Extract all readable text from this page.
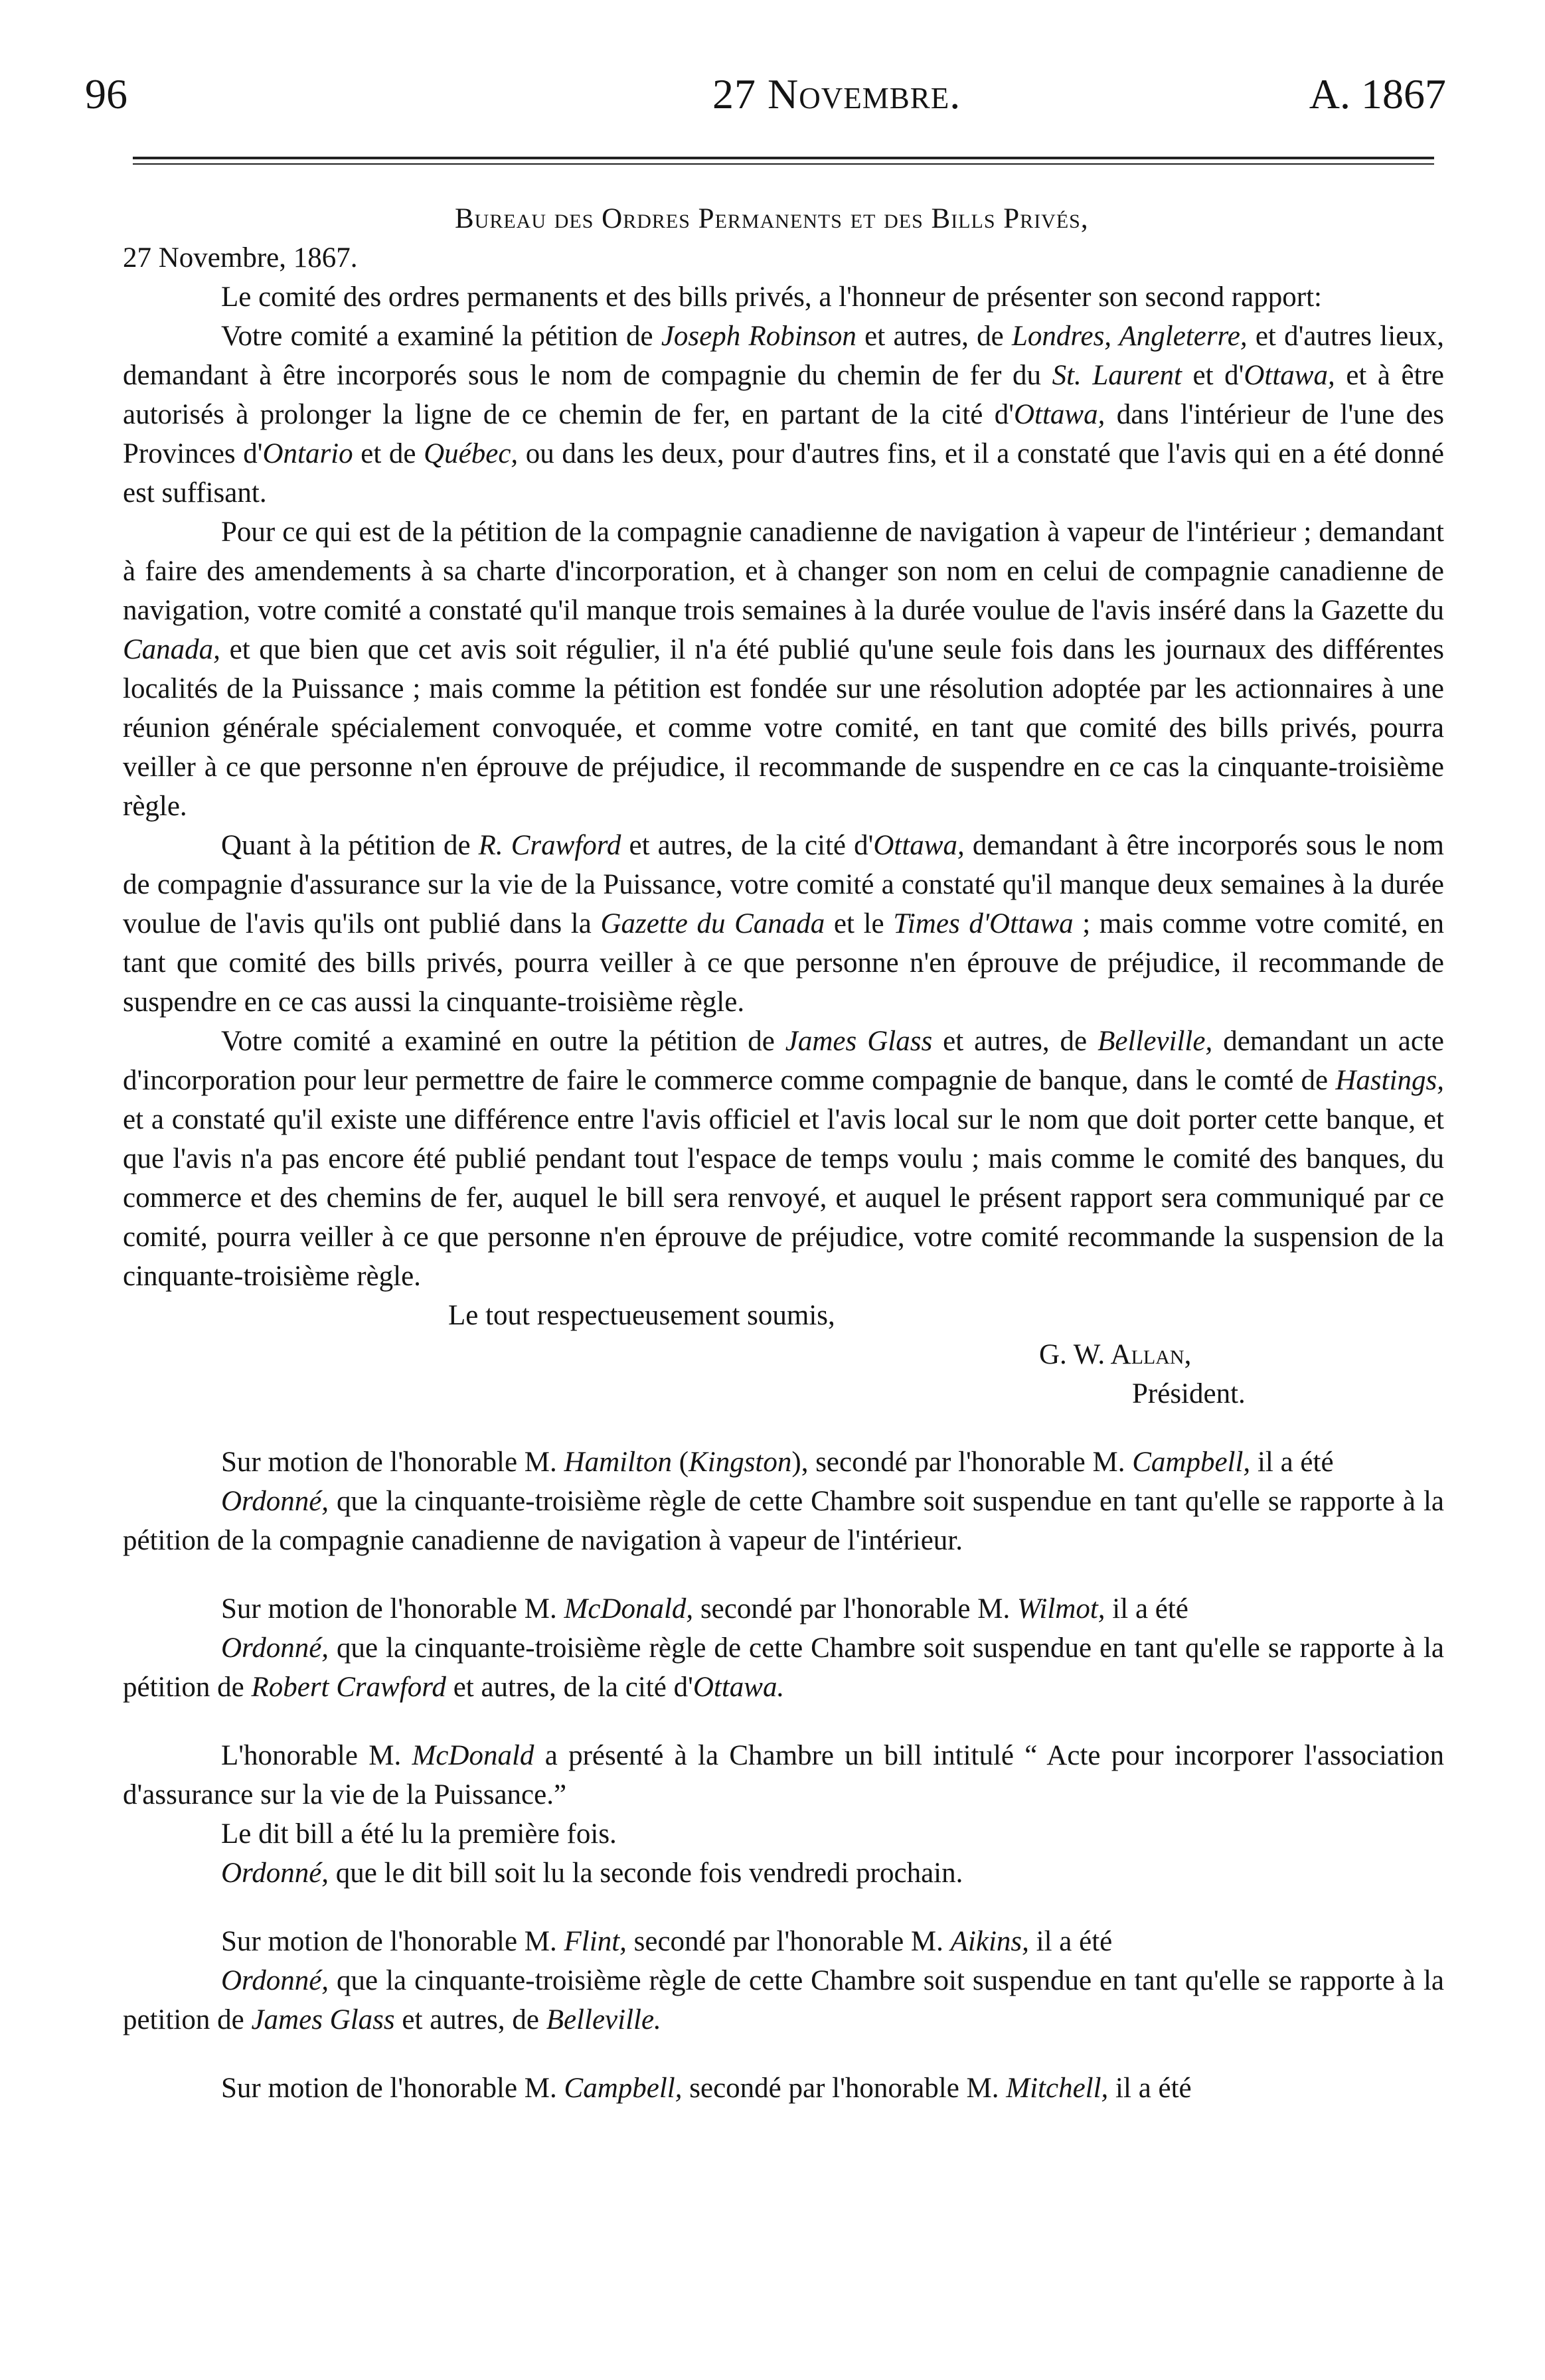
96	27 Novembre.	A. 1867

Bureau des Ordres Permanents et des Bills Privés,

27 Novembre, 1867.

Le comité des ordres permanents et des bills privés, a l'honneur de présenter son second rapport:

Votre comité a examiné la pétition de Joseph Robinson et autres, de Londres, Angleterre, et d'autres lieux, demandant à être incorporés sous le nom de compagnie du chemin de fer du St. Laurent et d'Ottawa, et à être autorisés à prolonger la ligne de ce chemin de fer, en partant de la cité d'Ottawa, dans l'intérieur de l'une des Provinces d'Ontario et de Québec, ou dans les deux, pour d'autres fins, et il a constaté que l'avis qui en a été donné est suffisant.

Pour ce qui est de la pétition de la compagnie canadienne de navigation à vapeur de l'intérieur ; demandant à faire des amendements à sa charte d'incorporation, et à changer son nom en celui de compagnie canadienne de navigation, votre comité a constaté qu'il manque trois semaines à la durée voulue de l'avis inséré dans la Gazette du Canada, et que bien que cet avis soit régulier, il n'a été publié qu'une seule fois dans les journaux des différentes localités de la Puissance ; mais comme la pétition est fondée sur une résolution adoptée par les actionnaires à une réunion générale spécialement convoquée, et comme votre comité, en tant que comité des bills privés, pourra veiller à ce que personne n'en éprouve de préjudice, il recommande de suspendre en ce cas la cinquante-troisième règle.

Quant à la pétition de R. Crawford et autres, de la cité d'Ottawa, demandant à être incorporés sous le nom de compagnie d'assurance sur la vie de la Puissance, votre comité a constaté qu'il manque deux semaines à la durée voulue de l'avis qu'ils ont publié dans la Gazette du Canada et le Times d'Ottawa ; mais comme votre comité, en tant que comité des bills privés, pourra veiller à ce que personne n'en éprouve de préjudice, il recommande de suspendre en ce cas aussi la cinquante-troisième règle.

Votre comité a examiné en outre la pétition de James Glass et autres, de Belleville, demandant un acte d'incorporation pour leur permettre de faire le commerce comme compagnie de banque, dans le comté de Hastings, et a constaté qu'il existe une différence entre l'avis officiel et l'avis local sur le nom que doit porter cette banque, et que l'avis n'a pas encore été publié pendant tout l'espace de temps voulu ; mais comme le comité des banques, du commerce et des chemins de fer, auquel le bill sera renvoyé, et auquel le présent rapport sera communiqué par ce comité, pourra veiller à ce que personne n'en éprouve de préjudice, votre comité recommande la suspension de la cinquante-troisième règle.

Le tout respectueusement soumis,

G. W. Allan,

Président.

Sur motion de l'honorable M. Hamilton (Kingston), secondé par l'honorable M. Campbell, il a été

Ordonné, que la cinquante-troisième règle de cette Chambre soit suspendue en tant qu'elle se rapporte à la pétition de la compagnie canadienne de navigation à vapeur de l'intérieur.

Sur motion de l'honorable M. McDonald, secondé par l'honorable M. Wilmot, il a été

Ordonné, que la cinquante-troisième règle de cette Chambre soit suspendue en tant qu'elle se rapporte à la pétition de Robert Crawford et autres, de la cité d'Ottawa.

L'honorable M. McDonald a présenté à la Chambre un bill intitulé “ Acte pour incorporer l'association d'assurance sur la vie de la Puissance.”

Le dit bill a été lu la première fois.

Ordonné, que le dit bill soit lu la seconde fois vendredi prochain.

Sur motion de l'honorable M. Flint, secondé par l'honorable M. Aikins, il a été

Ordonné, que la cinquante-troisième règle de cette Chambre soit suspendue en tant qu'elle se rapporte à la petition de James Glass et autres, de Belleville.

Sur motion de l'honorable M. Campbell, secondé par l'honorable M. Mitchell, il a été
